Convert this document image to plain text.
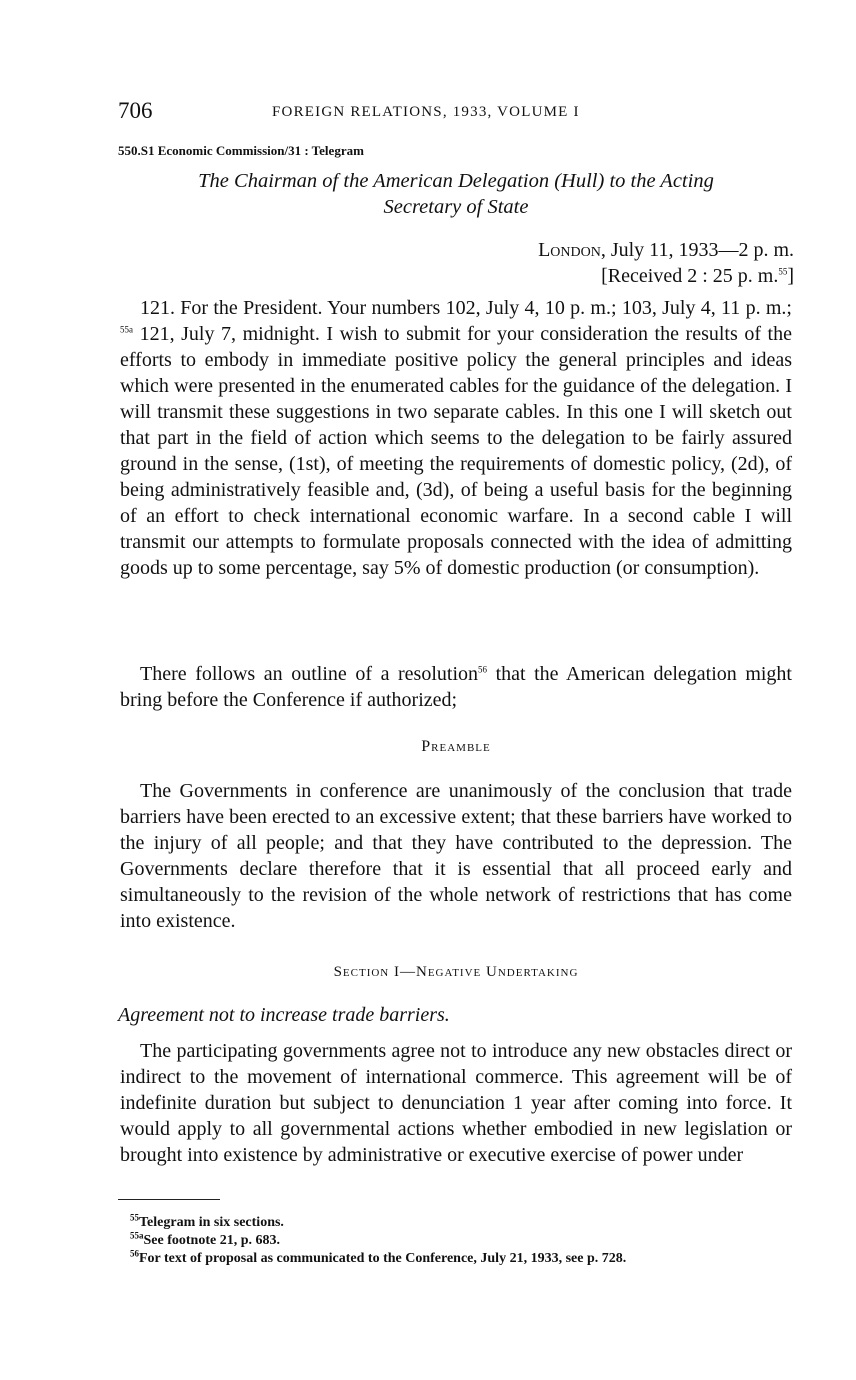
706	FOREIGN RELATIONS, 1933, VOLUME I
550.S1 Economic Commission/31 : Telegram
The Chairman of the American Delegation (Hull) to the Acting
Secretary of State
London, July 11, 1933—2 p. m.
[Received 2 : 25 p. m.$^{55}$]

121. For the President. Your numbers 102, July 4, 10 p. m.; 103, July 4, 11 p. m.; $^{55a}$ 121, July 7, midnight. I wish to submit for your consideration the results of the efforts to embody in immediate positive policy the general principles and ideas which were presented in the enumerated cables for the guidance of the delegation. I will transmit these suggestions in two separate cables. In this one I will sketch out that part in the field of action which seems to the delegation to be fairly assured ground in the sense, (1st), of meeting the requirements of domestic policy, (2d), of being administratively feasible and, (3d), of being a useful basis for the beginning of an effort to check international economic warfare. In a second cable I will transmit our attempts to formulate proposals connected with the idea of admitting goods up to some percentage, say 5% of domestic production (or consumption).

There follows an outline of a resolution$^{56}$ that the American delegation might bring before the Conference if authorized;

Preamble

The Governments in conference are unanimously of the conclusion that trade barriers have been erected to an excessive extent; that these barriers have worked to the injury of all people; and that they have contributed to the depression. The Governments declare therefore that it is essential that all proceed early and simultaneously to the revision of the whole network of restrictions that has come into existence.

Section I—Negative Undertaking
Agreement not to increase trade barriers.

The participating governments agree not to introduce any new obstacles direct or indirect to the movement of international commerce. This agreement will be of indefinite duration but subject to denunciation 1 year after coming into force. It would apply to all governmental actions whether embodied in new legislation or brought into existence by administrative or executive exercise of power under

$^{55}$Telegram in six sections.
$^{55a}$See footnote 21, p. 683.
$^{56}$For text of proposal as communicated to the Conference, July 21, 1933, see p. 728.
